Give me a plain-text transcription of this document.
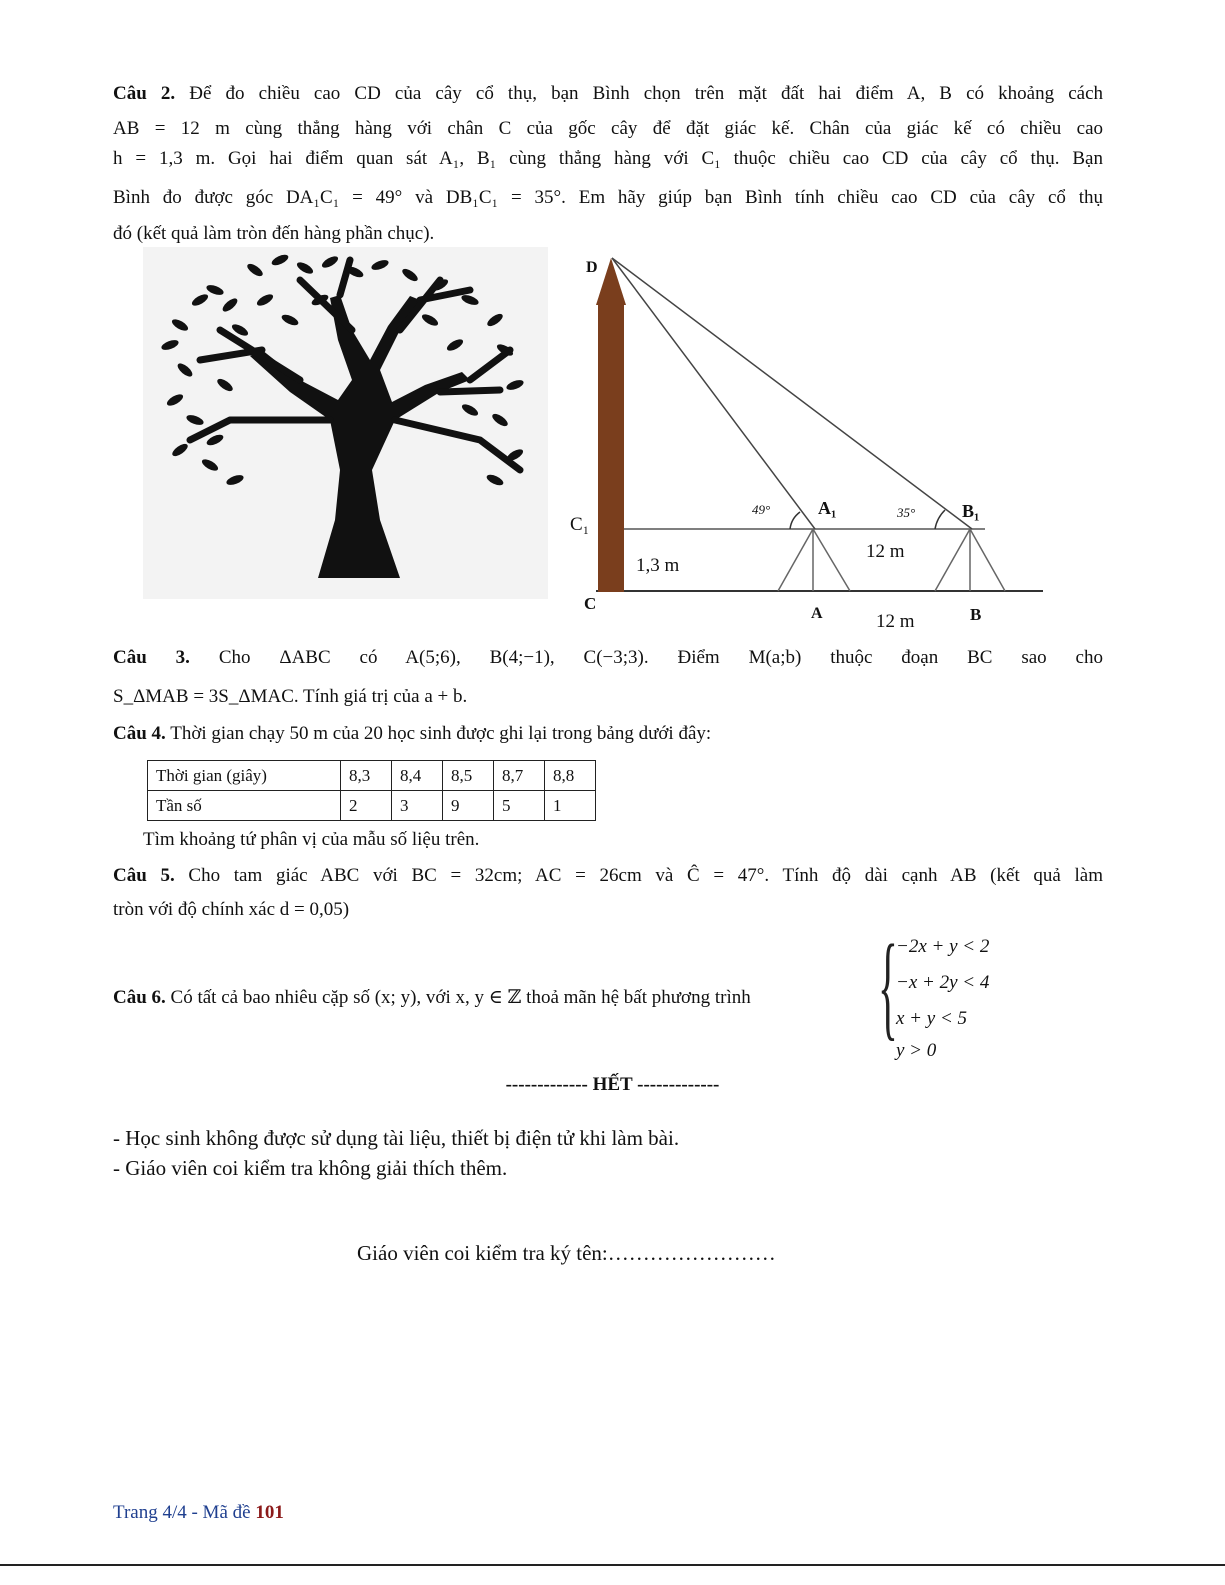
Câu 2. Để đo chiều cao CD của cây cổ thụ, bạn Bình chọn trên mặt đất hai điểm A, B có khoảng cách
AB = 12 m cùng thẳng hàng với chân C của gốc cây để đặt giác kế. Chân của giác kế có chiều cao
h = 1,3 m. Gọi hai điểm quan sát A₁, B₁ cùng thẳng hàng với C₁ thuộc chiều cao CD của cây cổ thụ. Bạn
Bình đo được góc DA₁C₁ = 49° và DB₁C₁ = 35°. Em hãy giúp bạn Bình tính chiều cao CD của cây cổ thụ
đó (kết quả làm tròn đến hàng phần chục).
D
C₁
C
A₁	B₁
A	B
49°	35°
1,3 m
12 m
12 m
Câu 3. Cho ΔABC có A(5;6), B(4;−1), C(−3;3). Điểm M(a;b) thuộc đoạn BC sao cho
S_ΔMAB = 3S_ΔMAC. Tính giá trị của a + b.
Câu 4. Thời gian chạy 50 m của 20 học sinh được ghi lại trong bảng dưới đây:
Thời gian (giây)	8,3	8,4	8,5	8,7	8,8
Tần số	2	3	9	5	1
Tìm khoảng tứ phân vị của mẫu số liệu trên.
Câu 5. Cho tam giác ABC với BC = 32cm; AC = 26cm và Ĉ = 47°. Tính độ dài cạnh AB (kết quả làm
tròn với độ chính xác d = 0,05)
Câu 6. Có tất cả bao nhiêu cặp số (x; y), với x, y ∈ ℤ thoả mãn hệ bất phương trình {
−2x + y < 2
−x + 2y < 4
x + y < 5
y > 0
------------- HẾT -------------
- Học sinh không được sử dụng tài liệu, thiết bị điện tử khi làm bài.
- Giáo viên coi kiểm tra không giải thích thêm.
Giáo viên coi kiểm tra ký tên:……………………
Trang 4/4 - Mã đề 101
